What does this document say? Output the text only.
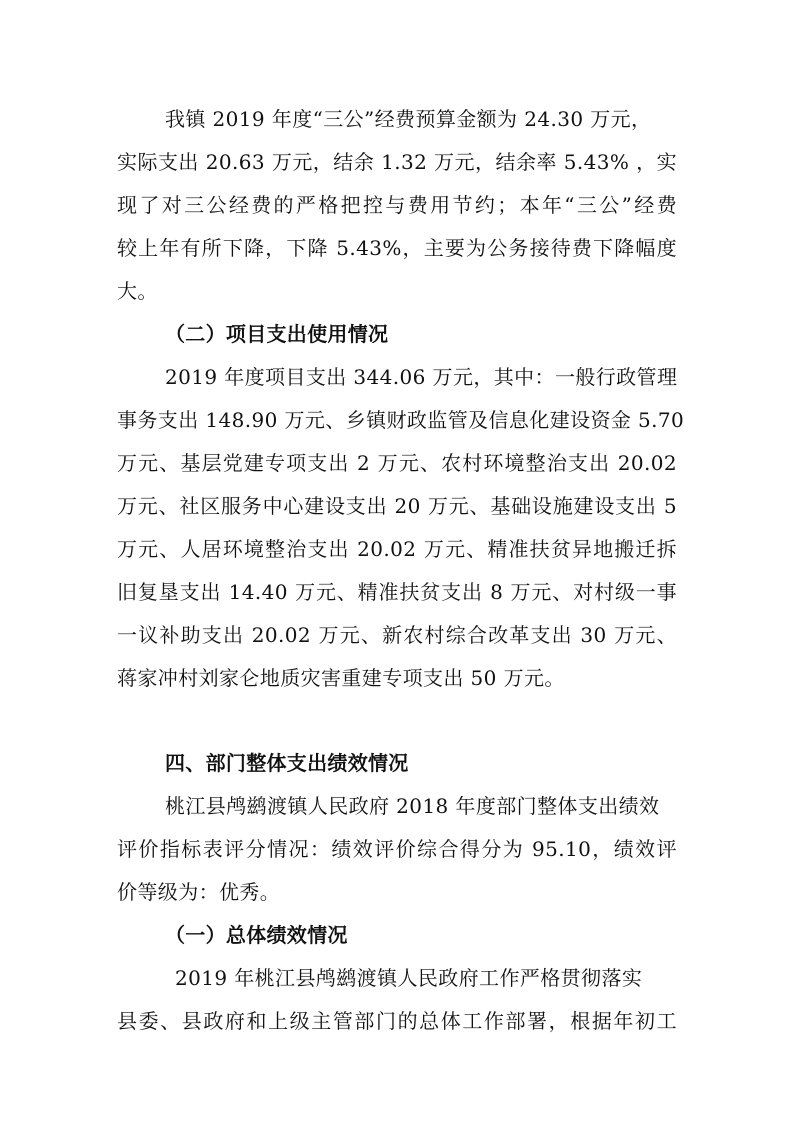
我镇 2019 年度“三公”经费预算金额为 24.30 万元，
实际支出 20.63 万元，结余 1.32 万元，结余率 5.43% ，实
现了对三公经费的严格把控与费用节约；本年“三公”经费
较上年有所下降，下降 5.43%，主要为公务接待费下降幅度
大。
（二）项目支出使用情况
2019 年度项目支出 344.06 万元，其中：一般行政管理
事务支出 148.90 万元、乡镇财政监管及信息化建设资金 5.70
万元、基层党建专项支出 2 万元、农村环境整治支出 20.02
万元、社区服务中心建设支出 20 万元、基础设施建设支出 5
万元、人居环境整治支出 20.02 万元、精准扶贫异地搬迁拆
旧复垦支出 14.40 万元、精准扶贫支出 8 万元、对村级一事
一议补助支出 20.02 万元、新农村综合改革支出 30 万元、
蒋家冲村刘家仑地质灾害重建专项支出 50 万元。
四、部门整体支出绩效情况
桃江县鸬鹚渡镇人民政府 2018 年度部门整体支出绩效
评价指标表评分情况：绩效评价综合得分为 95.10，绩效评
价等级为：优秀。
（一）总体绩效情况
2019 年桃江县鸬鹚渡镇人民政府工作严格贯彻落实
县委、县政府和上级主管部门的总体工作部署，根据年初工
